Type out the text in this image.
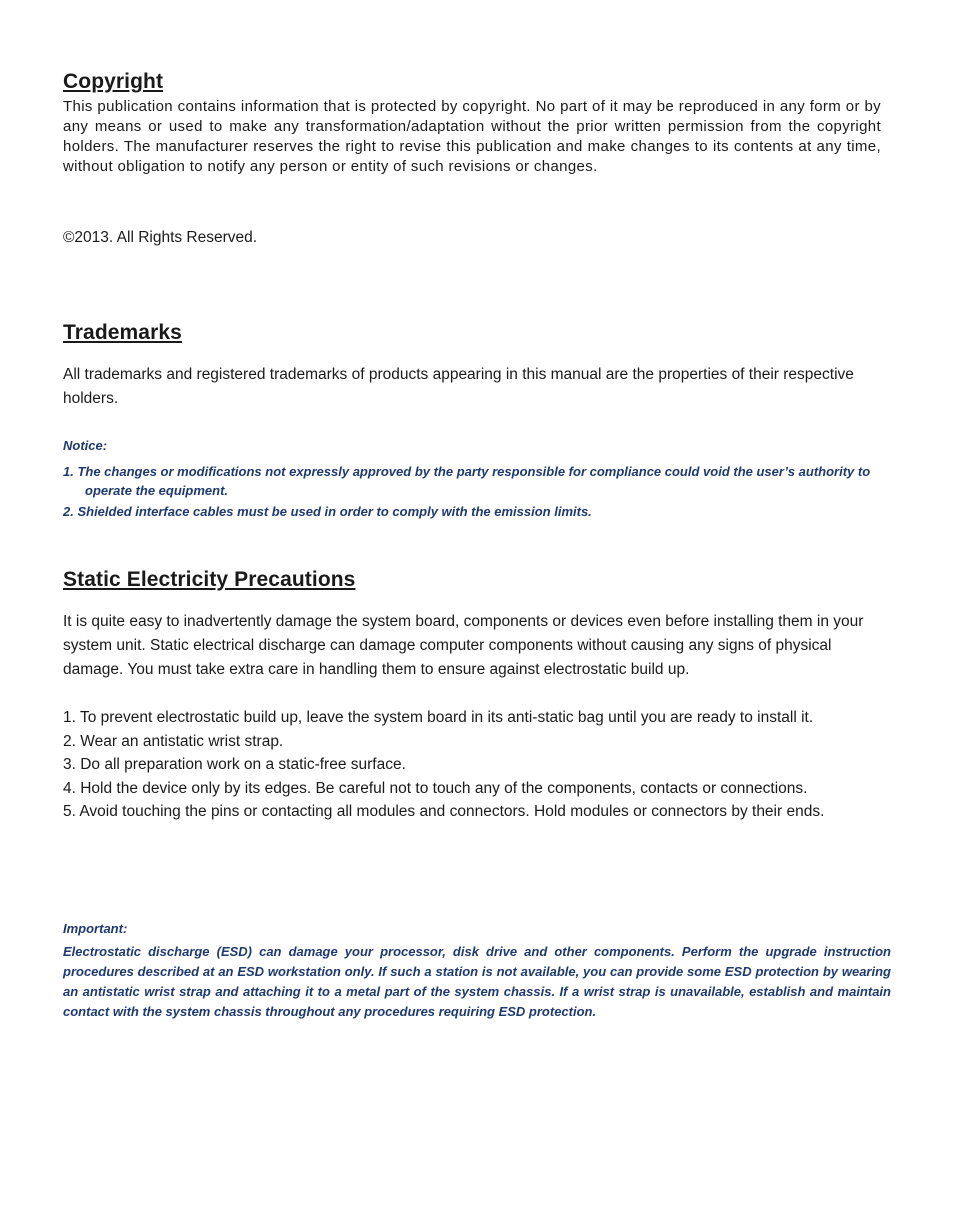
Copyright

This publication contains information that is protected by copyright. No part of it may be reproduced in any form or by any means or used to make any transformation/adaptation without the prior written permission from the copyright holders. The manufacturer reserves the right to revise this publication and make changes to its contents at any time, without obligation to notify any person or entity of such revisions or changes.

©2013. All Rights Reserved.

Trademarks

All trademarks and registered trademarks of products appearing in this manual are the properties of their respective holders.

Notice:

1. The changes or modifications not expressly approved by the party responsible for compliance could void the user’s authority to operate the equipment.

2. Shielded interface cables must be used in order to comply with the emission limits.

Static Electricity Precautions

It is quite easy to inadvertently damage the system board, components or devices even before installing them in your system unit. Static electrical discharge can damage computer components without causing any signs of physical damage. You must take extra care in handling them to ensure against electrostatic build up.

1. To prevent electrostatic build up, leave the system board in its anti-static bag until you are ready to install it.

2. Wear an antistatic wrist strap.

3. Do all preparation work on a static-free surface.

4. Hold the device only by its edges. Be careful not to touch any of the components, contacts or connections.

5. Avoid touching the pins or contacting all modules and connectors. Hold modules or connectors by their ends.

Important:

Electrostatic discharge (ESD) can damage your processor, disk drive and other components. Perform the upgrade instruction procedures described at an ESD workstation only. If such a station is not available, you can provide some ESD protection by wearing an antistatic wrist strap and attaching it to a metal part of the system chassis. If a wrist strap is unavailable, establish and maintain contact with the system chassis throughout any procedures requiring ESD protection.
